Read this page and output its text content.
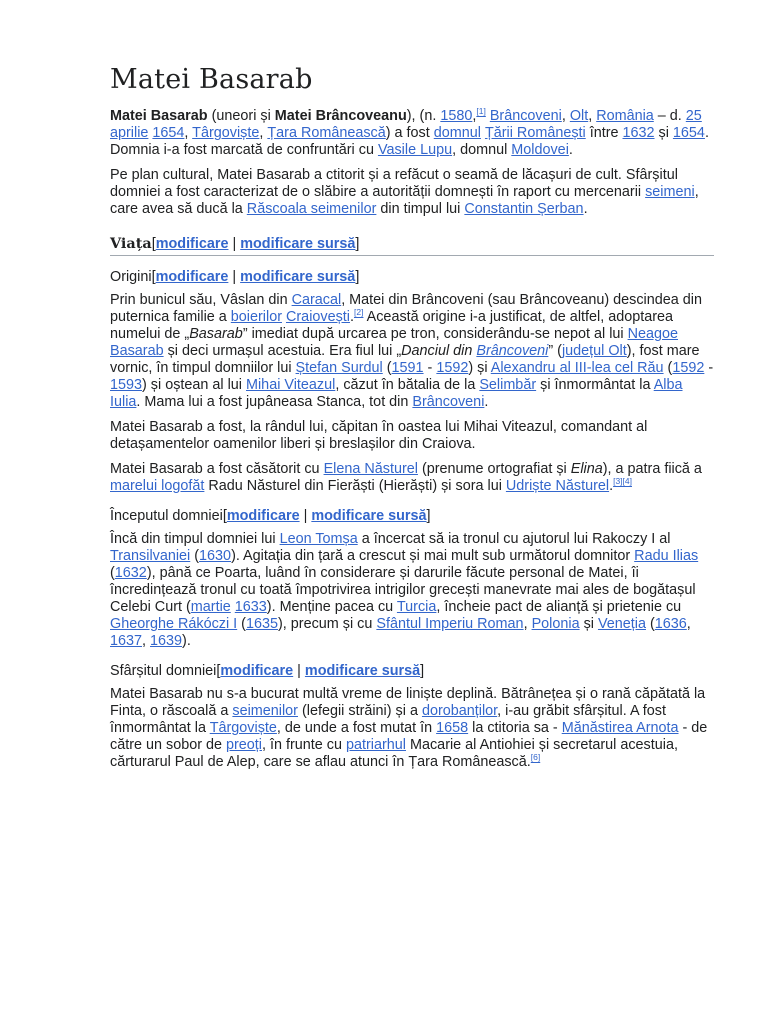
Matei Basarab

Matei Basarab (uneori și Matei Brâncoveanu), (n. 1580,[1] Brâncoveni, Olt, România – d. 25 aprilie 1654, Târgoviște, Țara Românească) a fost domnul Țării Românești între 1632 și 1654. Domnia i-a fost marcată de confruntări cu Vasile Lupu, domnul Moldovei.

Pe plan cultural, Matei Basarab a ctitorit și a refăcut o seamă de lăcașuri de cult. Sfârșitul domniei a fost caracterizat de o slăbire a autorității domnești în raport cu mercenarii seimeni, care avea să ducă la Răscoala seimenilor din timpul lui Constantin Șerban.

Viața[modificare | modificare sursă]
Origini[modificare | modificare sursă]

Prin bunicul său, Vâslan din Caracal, Matei din Brâncoveni (sau Brâncoveanu) descindea din puternica familie a boierilor Craiovești.[2] Această origine i-a justificat, de altfel, adoptarea numelui de „Basarab” imediat după urcarea pe tron, considerându-se nepot al lui Neagoe Basarab și deci urmașul acestuia. Era fiul lui „Danciul din Brâncoveni” (județul Olt), fost mare vornic, în timpul domniilor lui Ștefan Surdul (1591 - 1592) și Alexandru al III-lea cel Rău (1592 - 1593) și oștean al lui Mihai Viteazul, căzut în bătalia de la Selimbăr și înmormântat la Alba Iulia. Mama lui a fost jupâneasa Stanca, tot din Brâncoveni.

Matei Basarab a fost, la rândul lui, căpitan în oastea lui Mihai Viteazul, comandant al detașamentelor oamenilor liberi și breslașilor din Craiova.

Matei Basarab a fost căsătorit cu Elena Năsturel (prenume ortografiat și Elina), a patra fiică a marelui logofăt Radu Năsturel din Fierăști (Hierăști) și sora lui Udriște Năsturel.[3][4]

Începutul domniei[modificare | modificare sursă]

Încă din timpul domniei lui Leon Tomșa a încercat să ia tronul cu ajutorul lui Rakoczy I al Transilvaniei (1630). Agitația din țară a crescut și mai mult sub următorul domnitor Radu Ilias (1632), până ce Poarta, luând în considerare și darurile făcute personal de Matei, îi încredințează tronul cu toată împotrivirea intrigilor grecești manevrate mai ales de bogătașul Celebi Curt (martie 1633). Menține pacea cu Turcia, încheie pact de alianță și prietenie cu Gheorghe Rákóczi I (1635), precum și cu Sfântul Imperiu Roman, Polonia și Veneția (1636, 1637, 1639).

Sfârșitul domniei[modificare | modificare sursă]

Matei Basarab nu s-a bucurat multă vreme de liniște deplină. Bătrânețea și o rană căpătată la Finta, o răscoală a seimenilor (lefegii străini) și a dorobanților, i-au grăbit sfârșitul. A fost înmormântat la Târgoviște, de unde a fost mutat în 1658 la ctitoria sa - Mănăstirea Arnota - de către un sobor de preoți, în frunte cu patriarhul Macarie al Antiohiei și secretarul acestuia, cărturarul Paul de Alep, care se aflau atunci în Țara Românească.[6]
